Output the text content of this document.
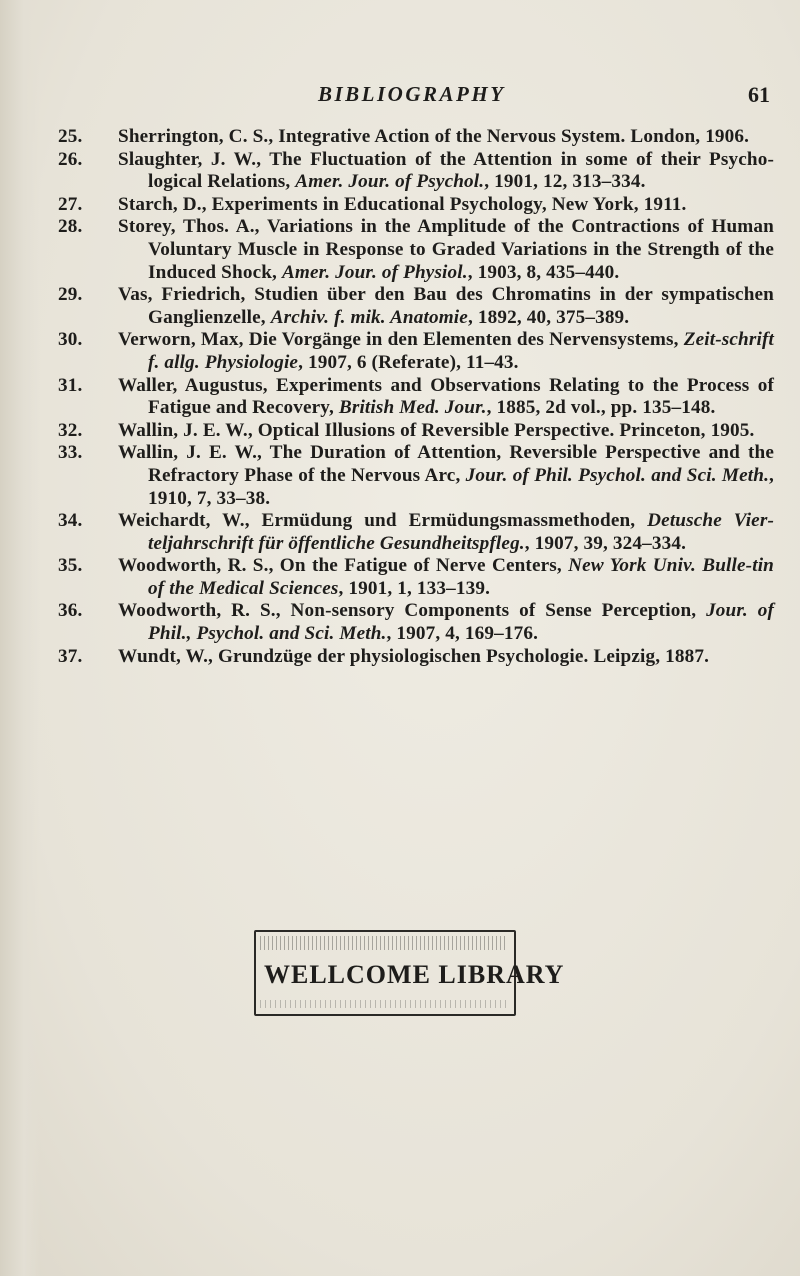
BIBLIOGRAPHY	61
25. Sherrington, C. S., Integrative Action of the Nervous System. London, 1906.
26. Slaughter, J. W., The Fluctuation of the Attention in some of their Psycho-logical Relations, Amer. Jour. of Psychol., 1901, 12, 313–334.
27. Starch, D., Experiments in Educational Psychology, New York, 1911.
28. Storey, Thos. A., Variations in the Amplitude of the Contractions of Human Voluntary Muscle in Response to Graded Variations in the Strength of the Induced Shock, Amer. Jour. of Physiol., 1903, 8, 435–440.
29. Vas, Friedrich, Studien über den Bau des Chromatins in der sympatischen Ganglienzelle, Archiv. f. mik. Anatomie, 1892, 40, 375–389.
30. Verworn, Max, Die Vorgänge in den Elementen des Nervensystems, Zeit-schrift f. allg. Physiologie, 1907, 6 (Referate), 11–43.
31. Waller, Augustus, Experiments and Observations Relating to the Process of Fatigue and Recovery, British Med. Jour., 1885, 2d vol., pp. 135–148.
32. Wallin, J. E. W., Optical Illusions of Reversible Perspective. Princeton, 1905.
33. Wallin, J. E. W., The Duration of Attention, Reversible Perspective and the Refractory Phase of the Nervous Arc, Jour. of Phil. Psychol. and Sci. Meth., 1910, 7, 33–38.
34. Weichardt, W., Ermüdung und Ermüdungsmassmethoden, Detusche Vier-teljahrschrift für öffentliche Gesundheitspfleg., 1907, 39, 324–334.
35. Woodworth, R. S., On the Fatigue of Nerve Centers, New York Univ. Bulle-tin of the Medical Sciences, 1901, 1, 133–139.
36. Woodworth, R. S., Non-sensory Components of Sense Perception, Jour. of Phil., Psychol. and Sci. Meth., 1907, 4, 169–176.
37. Wundt, W., Grundzüge der physiologischen Psychologie. Leipzig, 1887.
WELLCOME LIBRARY
